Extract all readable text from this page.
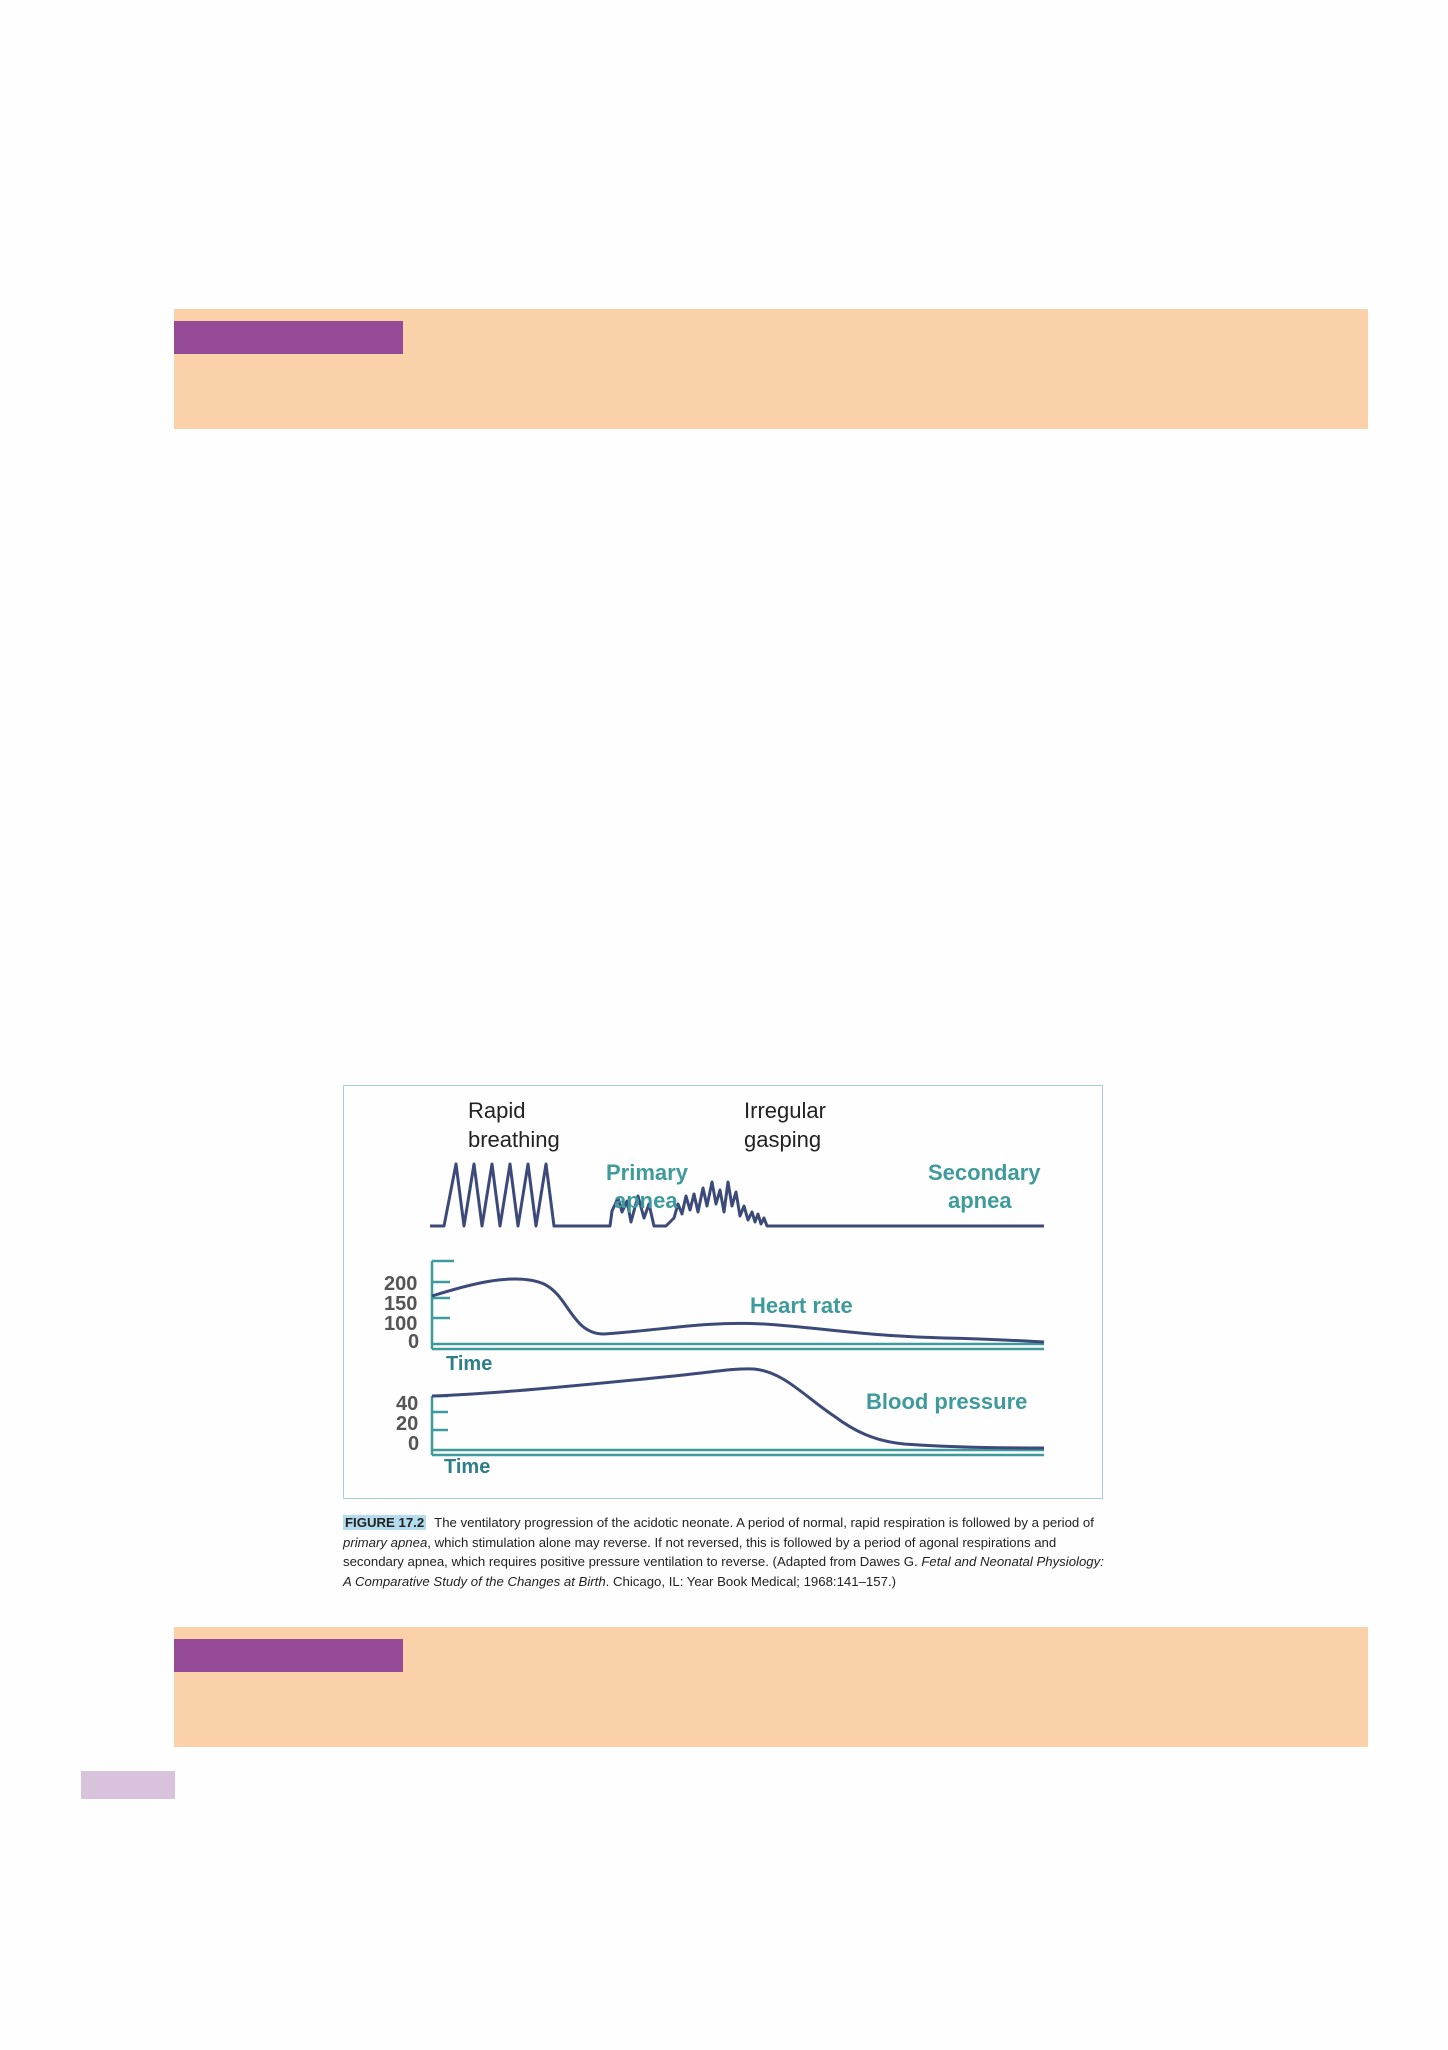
Rapid
breathing
Primary
apnea
Irregular
gasping
Secondary
apnea
200
150
100
0
Time
Heart rate
40
20
0
Time
Blood pressure
FIGURE 17.2 The ventilatory progression of the acidotic neonate. A period of normal, rapid respiration is followed by a period of primary apnea, which stimulation alone may reverse. If not reversed, this is followed by a period of agonal respirations and secondary apnea, which requires positive pressure ventilation to reverse. (Adapted from Dawes G. Fetal and Neonatal Physiology: A Comparative Study of the Changes at Birth. Chicago, IL: Year Book Medical; 1968:141–157.)
